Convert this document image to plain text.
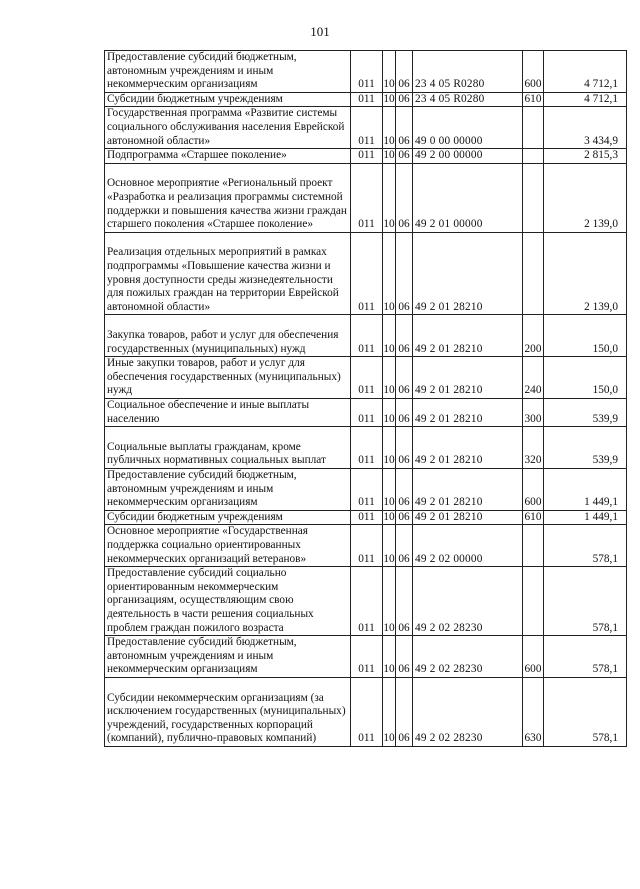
101
Предоставление субсидий бюджетным, автономным учреждениям и иным некоммерческим организациям	011	10	06	23 4 05 R0280	600	4 712,1
Субсидии бюджетным учреждениям	011	10	06	23 4 05 R0280	610	4 712,1
Государственная программа «Развитие системы социального обслуживания населения Еврейской автономной области»	011	10	06	49 0 00 00000		3 434,9
Подпрограмма «Старшее поколение»	011	10	06	49 2 00 00000		2 815,3
Основное мероприятие «Региональный проект «Разработка и реализация программы системной поддержки и повышения качества жизни граждан старшего поколения «Старшее поколение»	011	10	06	49 2 01 00000		2 139,0
Реализация отдельных мероприятий в рамках подпрограммы «Повышение качества жизни и уровня доступности среды жизнедеятельности для пожилых граждан на территории Еврейской автономной области»	011	10	06	49 2 01 28210		2 139,0
Закупка товаров, работ и услуг для обеспечения государственных (муниципальных) нужд	011	10	06	49 2 01 28210	200	150,0
Иные закупки товаров, работ и услуг для обеспечения государственных (муниципальных) нужд	011	10	06	49 2 01 28210	240	150,0
Социальное обеспечение и иные выплаты населению	011	10	06	49 2 01 28210	300	539,9
Социальные выплаты гражданам, кроме публичных нормативных социальных выплат	011	10	06	49 2 01 28210	320	539,9
Предоставление субсидий бюджетным, автономным учреждениям и иным некоммерческим организациям	011	10	06	49 2 01 28210	600	1 449,1
Субсидии бюджетным учреждениям	011	10	06	49 2 01 28210	610	1 449,1
Основное мероприятие «Государственная поддержка социально ориентированных некоммерческих организаций ветеранов»	011	10	06	49 2 02 00000		578,1
Предоставление субсидий социально ориентированным некоммерческим организациям, осуществляющим свою деятельность в части решения социальных проблем граждан пожилого возраста	011	10	06	49 2 02 28230		578,1
Предоставление субсидий бюджетным, автономным учреждениям и иным некоммерческим организациям	011	10	06	49 2 02 28230	600	578,1
Субсидии некоммерческим организациям (за исключением государственных (муниципальных) учреждений, государственных корпораций (компаний), публично-правовых компаний)	011	10	06	49 2 02 28230	630	578,1
